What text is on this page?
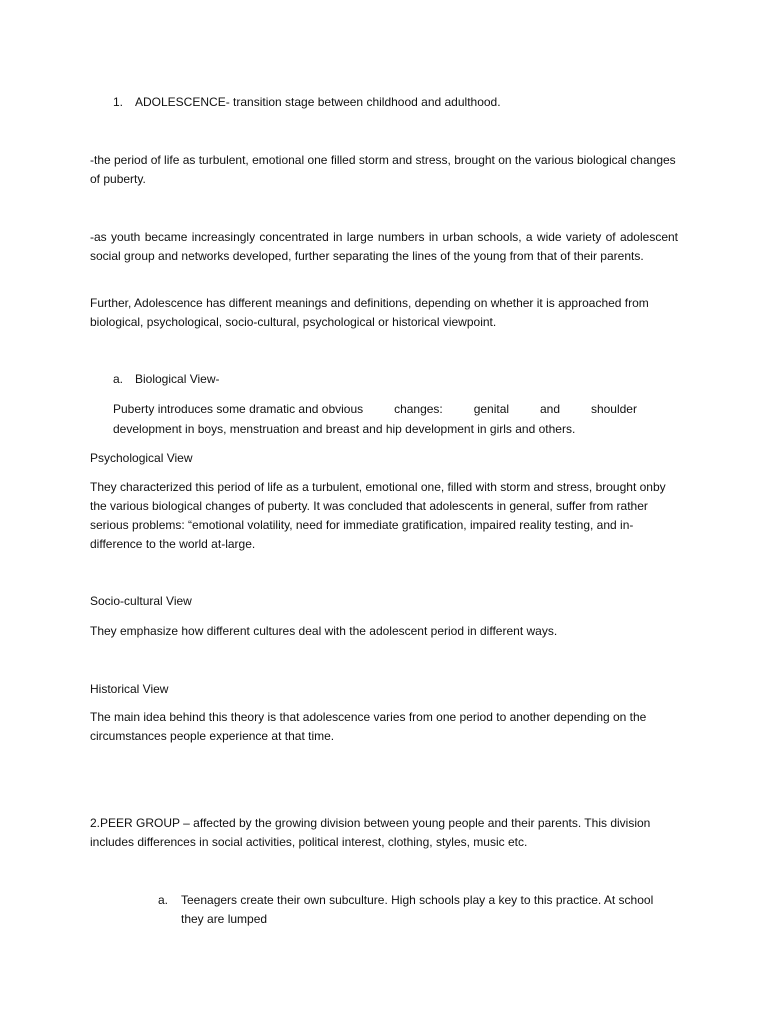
1. ADOLESCENCE- transition stage between childhood and adulthood.

-the period of life as turbulent, emotional one filled storm and stress, brought on the various biological changes of puberty.

-as youth became increasingly concentrated in large numbers in urban schools, a wide variety of adolescent social group and networks developed, further separating the lines of the young from that of their parents.

Further, Adolescence has different meanings and definitions, depending on whether it is approached from biological, psychological, socio-cultural, psychological or historical viewpoint.

a. Biological View-

Puberty introduces some dramatic and obvious	changes:	genital	and	shoulder

development in boys, menstruation and breast and hip development in girls and others.

Psychological View

They characterized this period of life as a turbulent, emotional one, filled with storm and stress, brought onby the various biological changes of puberty. It was concluded that adolescents in general, suffer from rather serious problems: “emotional volatility, need for immediate gratification, impaired reality testing, and in-difference to the world at-large.

Socio-cultural View

They emphasize how different cultures deal with the adolescent period in different ways.

Historical View

The main idea behind this theory is that adolescence varies from one period to another depending on the circumstances people experience at that time.

2.PEER GROUP – affected by the growing division between young people and their parents. This division includes differences in social activities, political interest, clothing, styles, music etc.

a. Teenagers create their own subculture. High schools play a key to this practice. At school they are lumped
